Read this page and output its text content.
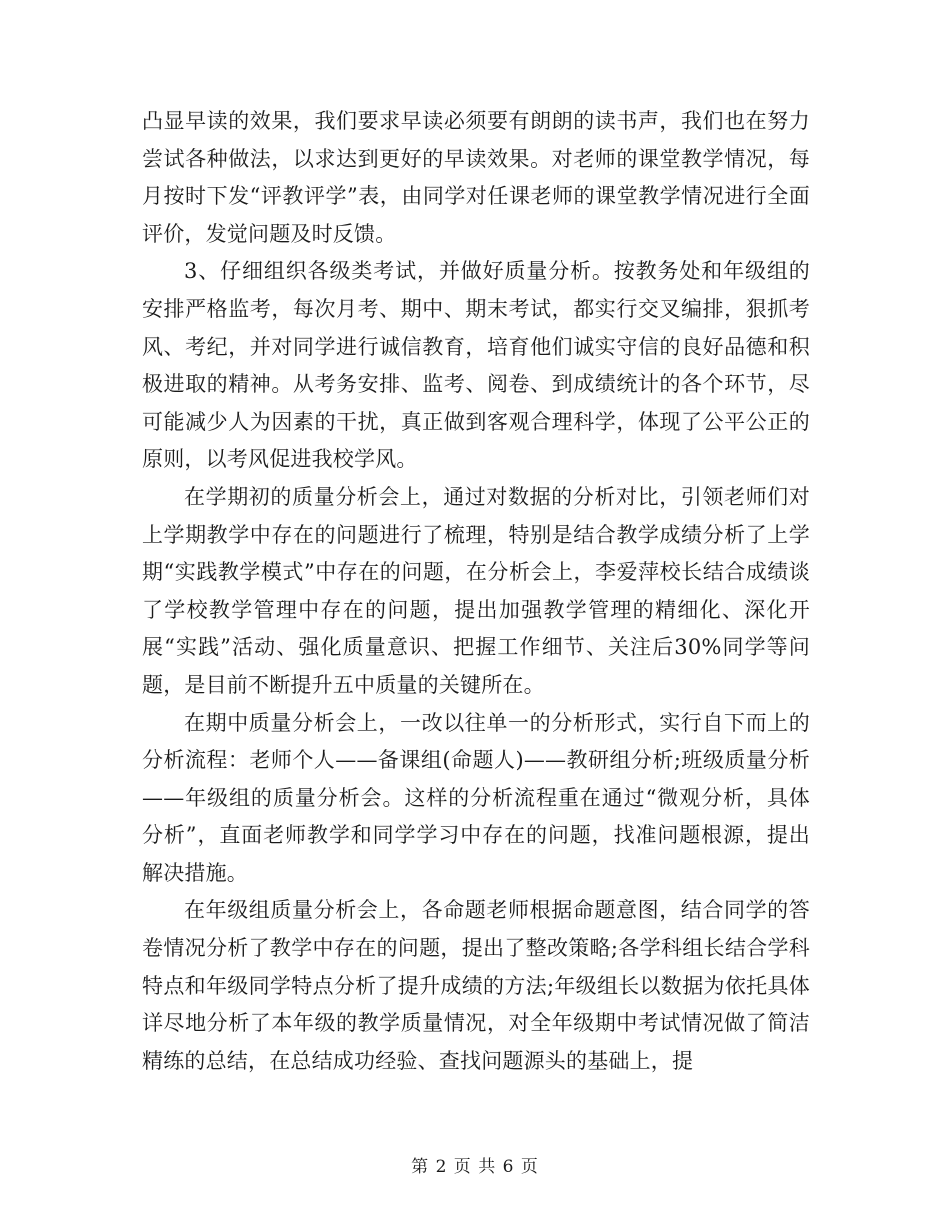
凸显早读的效果，我们要求早读必须要有朗朗的读书声，我们也在努力尝试各种做法，以求达到更好的早读效果。对老师的课堂教学情况，每月按时下发“评教评学”表，由同学对任课老师的课堂教学情况进行全面评价，发觉问题及时反馈。

3、仔细组织各级类考试，并做好质量分析。按教务处和年级组的安排严格监考，每次月考、期中、期末考试，都实行交叉编排，狠抓考风、考纪，并对同学进行诚信教育，培育他们诚实守信的良好品德和积极进取的精神。从考务安排、监考、阅卷、到成绩统计的各个环节，尽可能减少人为因素的干扰，真正做到客观合理科学，体现了公平公正的原则，以考风促进我校学风。

在学期初的质量分析会上，通过对数据的分析对比，引领老师们对上学期教学中存在的问题进行了梳理，特别是结合教学成绩分析了上学期“实践教学模式”中存在的问题，在分析会上，李爱萍校长结合成绩谈了学校教学管理中存在的问题，提出加强教学管理的精细化、深化开展“实践”活动、强化质量意识、把握工作细节、关注后30%同学等问题，是目前不断提升五中质量的关键所在。

在期中质量分析会上，一改以往单一的分析形式，实行自下而上的分析流程：老师个人——备课组(命题人)——教研组分析;班级质量分析——年级组的质量分析会。这样的分析流程重在通过“微观分析，具体分析”，直面老师教学和同学学习中存在的问题，找准问题根源，提出解决措施。

在年级组质量分析会上，各命题老师根据命题意图，结合同学的答卷情况分析了教学中存在的问题，提出了整改策略;各学科组长结合学科特点和年级同学特点分析了提升成绩的方法;年级组长以数据为依托具体详尽地分析了本年级的教学质量情况，对全年级期中考试情况做了简洁精练的总结，在总结成功经验、查找问题源头的基础上，提

第 2 页 共 6 页
